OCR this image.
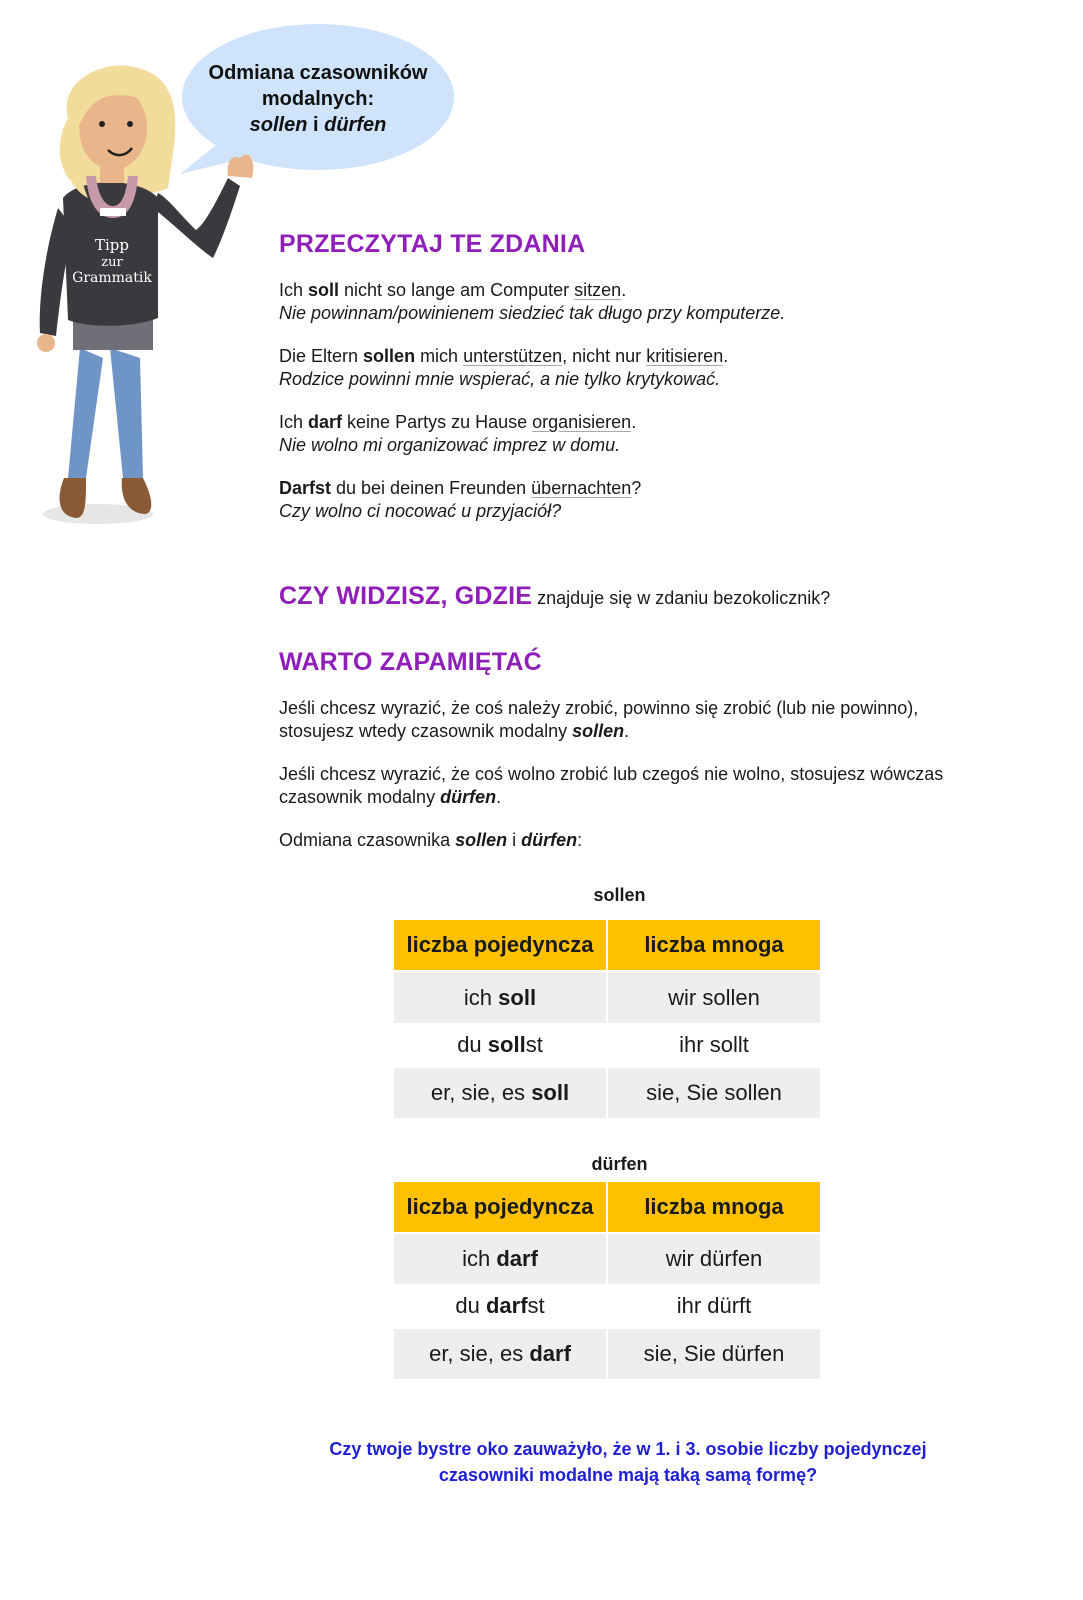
Odmiana czasowników
modalnych:
sollen i dürfen
Tipp
zur
Grammatik
PRZECZYTAJ TE ZDANIA
Ich soll nicht so lange am Computer sitzen.
Nie powinnam/powinienem siedzieć tak długo przy komputerze.
Die Eltern sollen mich unterstützen, nicht nur kritisieren.
Rodzice powinni mnie wspierać, a nie tylko krytykować.
Ich darf keine Partys zu Hause organisieren.
Nie wolno mi organizować imprez w domu.
Darfst du bei deinen Freunden übernachten?
Czy wolno ci nocować u przyjaciół?
CZY WIDZISZ, GDZIE znajduje się w zdaniu bezokolicznik?
WARTO ZAPAMIĘTAĆ
Jeśli chcesz wyrazić, że coś należy zrobić, powinno się zrobić (lub nie powinno),
stosujesz wtedy czasownik modalny sollen.
Jeśli chcesz wyrazić, że coś wolno zrobić lub czegoś nie wolno, stosujesz wówczas
czasownik modalny dürfen.
Odmiana czasownika sollen i dürfen:
sollen
liczba pojedyncza	liczba mnoga
ich soll	wir sollen
du sollst	ihr sollt
er, sie, es soll	sie, Sie sollen
dürfen
liczba pojedyncza	liczba mnoga
ich darf	wir dürfen
du darfst	ihr dürft
er, sie, es darf	sie, Sie dürfen
Czy twoje bystre oko zauważyło, że w 1. i 3. osobie liczby pojedynczej
czasowniki modalne mają taką samą formę?
